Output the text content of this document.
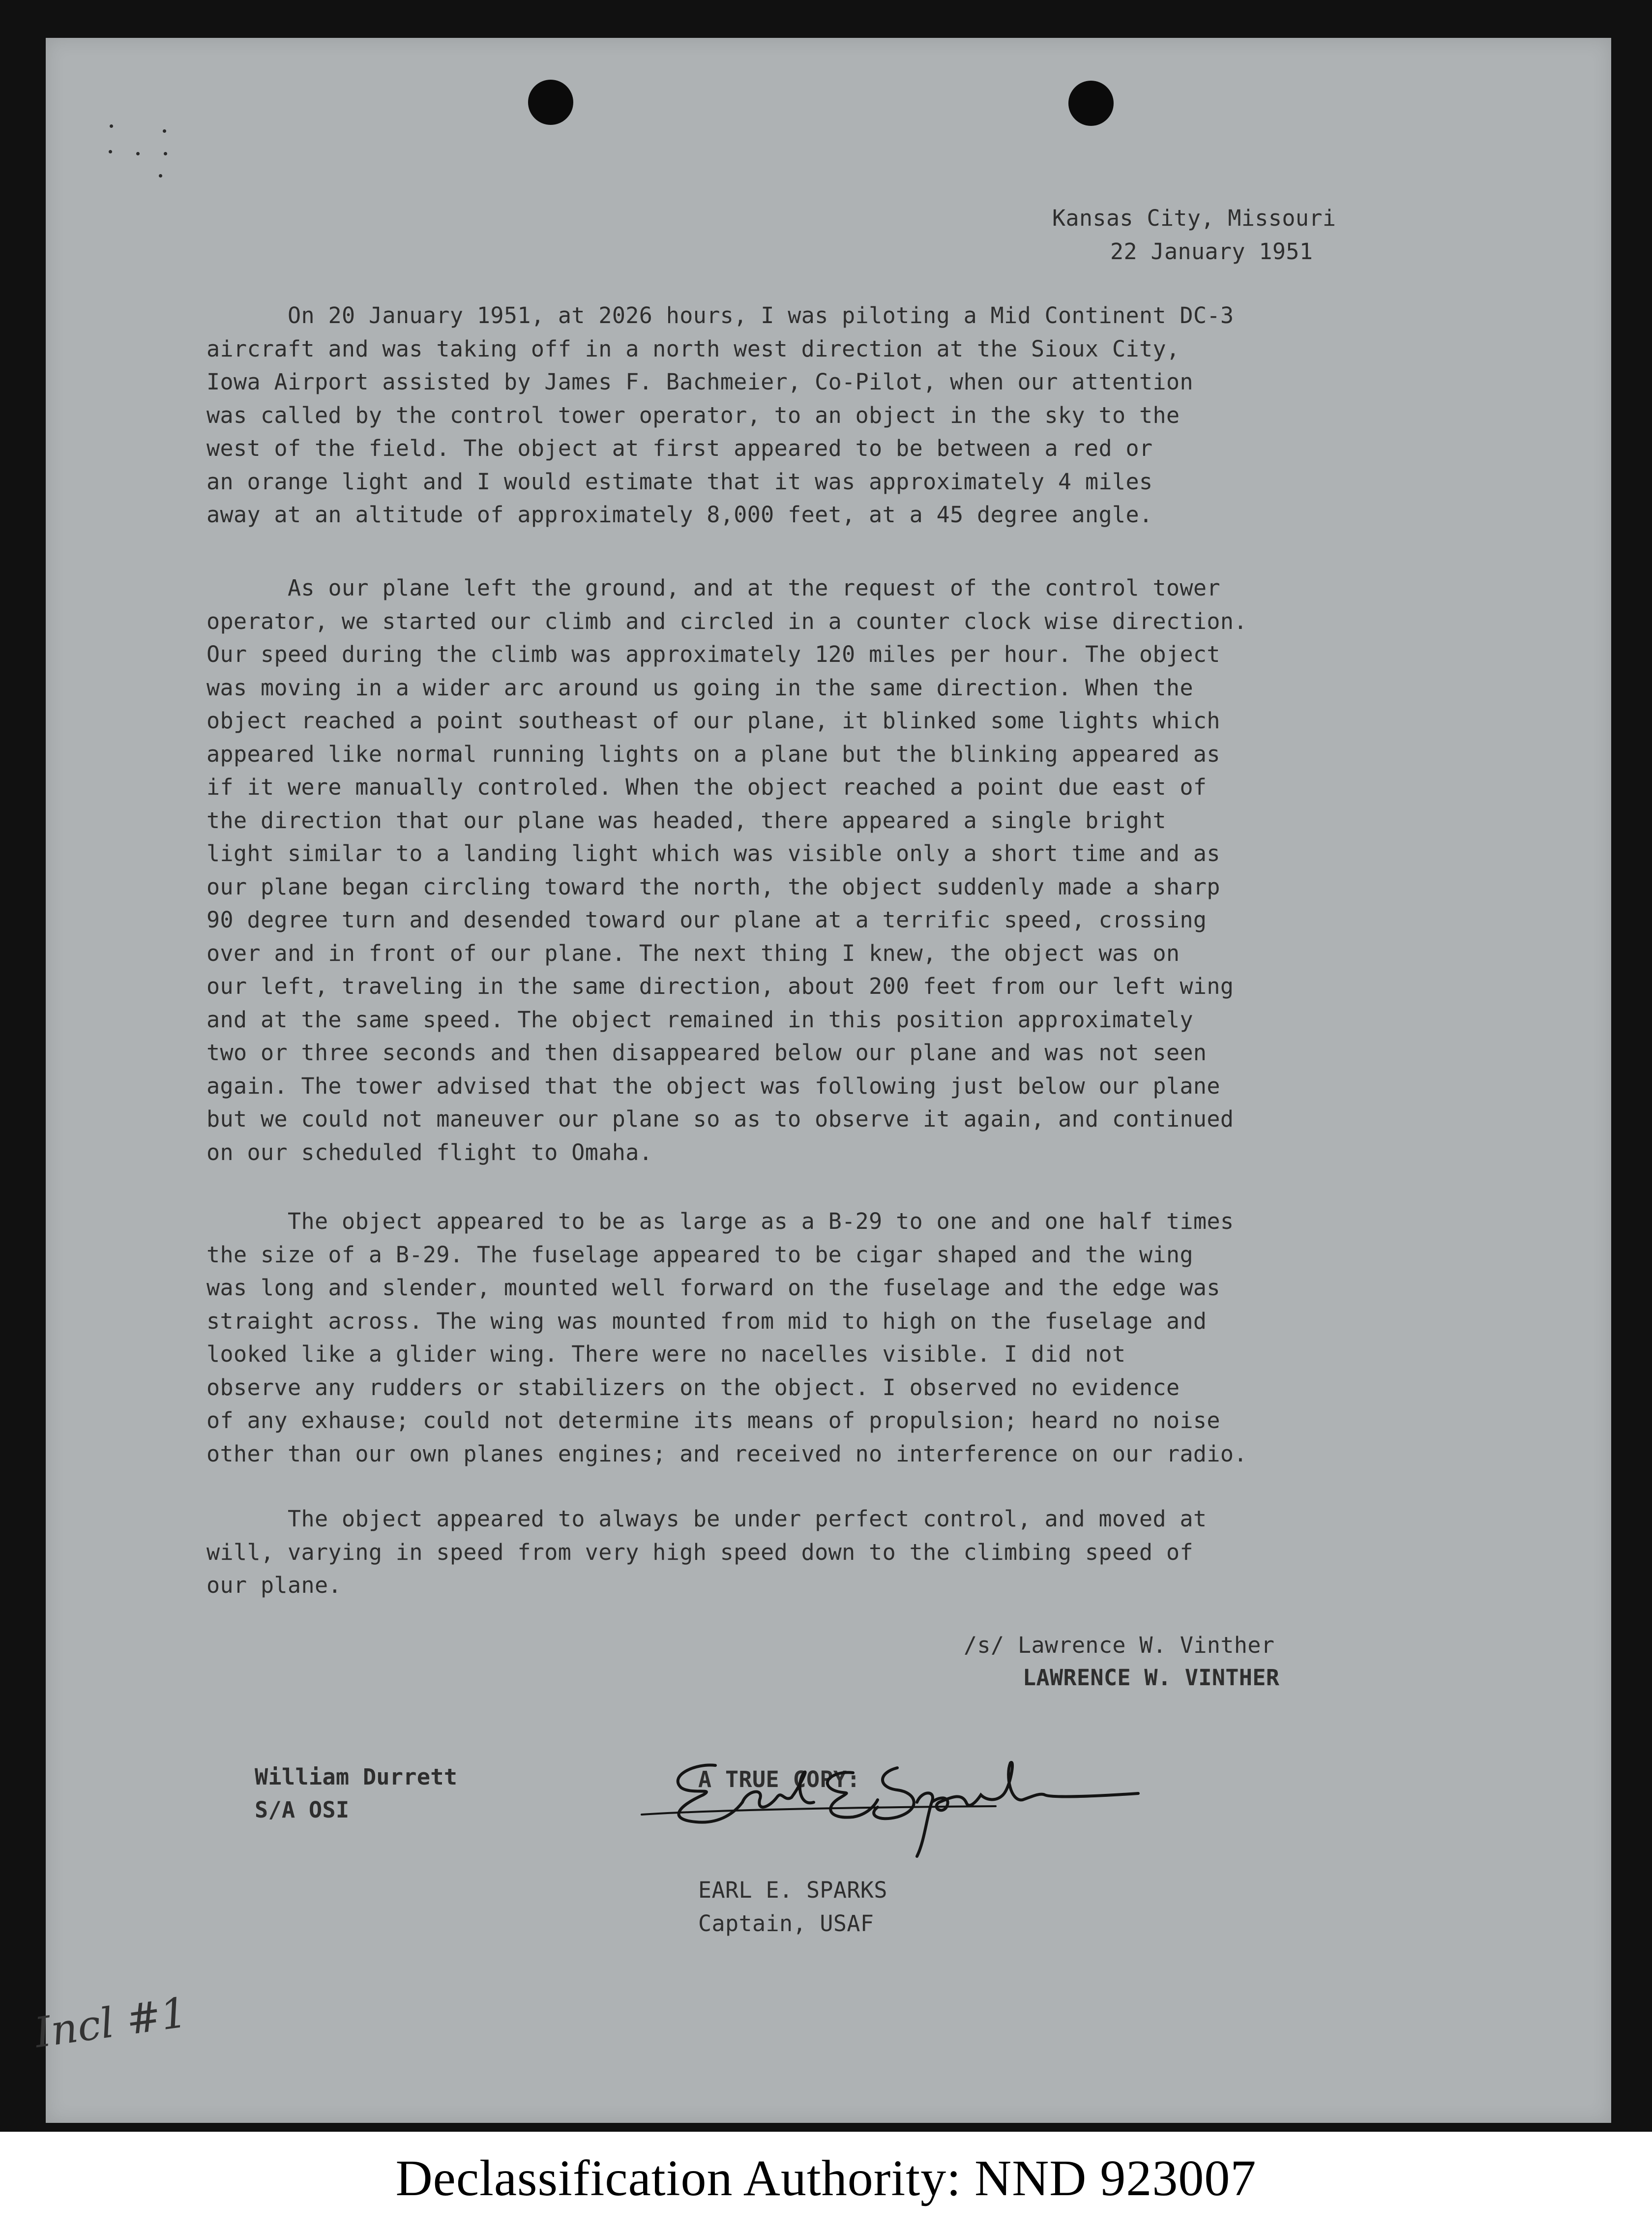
Kansas City, Missouri
22 January 1951
On 20 January 1951, at 2026 hours, I was piloting a Mid Continent DC-3
aircraft and was taking off in a north west direction at the Sioux City,
Iowa Airport assisted by James F. Bachmeier, Co-Pilot, when our attention
was called by the control tower operator, to an object in the sky to the
west of the field. The object at first appeared to be between a red or
an orange light and I would estimate that it was approximately 4 miles
away at an altitude of approximately 8,000 feet, at a 45 degree angle.
As our plane left the ground, and at the request of the control tower
operator, we started our climb and circled in a counter clock wise direction.
Our speed during the climb was approximately 120 miles per hour. The object
was moving in a wider arc around us going in the same direction. When the
object reached a point southeast of our plane, it blinked some lights which
appeared like normal running lights on a plane but the blinking appeared as
if it were manually controled. When the object reached a point due east of
the direction that our plane was headed, there appeared a single bright
light similar to a landing light which was visible only a short time and as
our plane began circling toward the north, the object suddenly made a sharp
90 degree turn and desended toward our plane at a terrific speed, crossing
over and in front of our plane. The next thing I knew, the object was on
our left, traveling in the same direction, about 200 feet from our left wing
and at the same speed. The object remained in this position approximately
two or three seconds and then disappeared below our plane and was not seen
again. The tower advised that the object was following just below our plane
but we could not maneuver our plane so as to observe it again, and continued
on our scheduled flight to Omaha.
The object appeared to be as large as a B-29 to one and one half times
the size of a B-29. The fuselage appeared to be cigar shaped and the wing
was long and slender, mounted well forward on the fuselage and the edge was
straight across. The wing was mounted from mid to high on the fuselage and
looked like a glider wing. There were no nacelles visible. I did not
observe any rudders or stabilizers on the object. I observed no evidence
of any exhause; could not determine its means of propulsion; heard no noise
other than our own planes engines; and received no interference on our radio.
The object appeared to always be under perfect control, and moved at
will, varying in speed from very high speed down to the climbing speed of
our plane.
/s/ Lawrence W. Vinther
LAWRENCE W. VINTHER
William Durrett
S/A OSI
A TRUE COPY:
EARL E. SPARKS
Captain, USAF
Incl #1
Declassification Authority: NND 923007
